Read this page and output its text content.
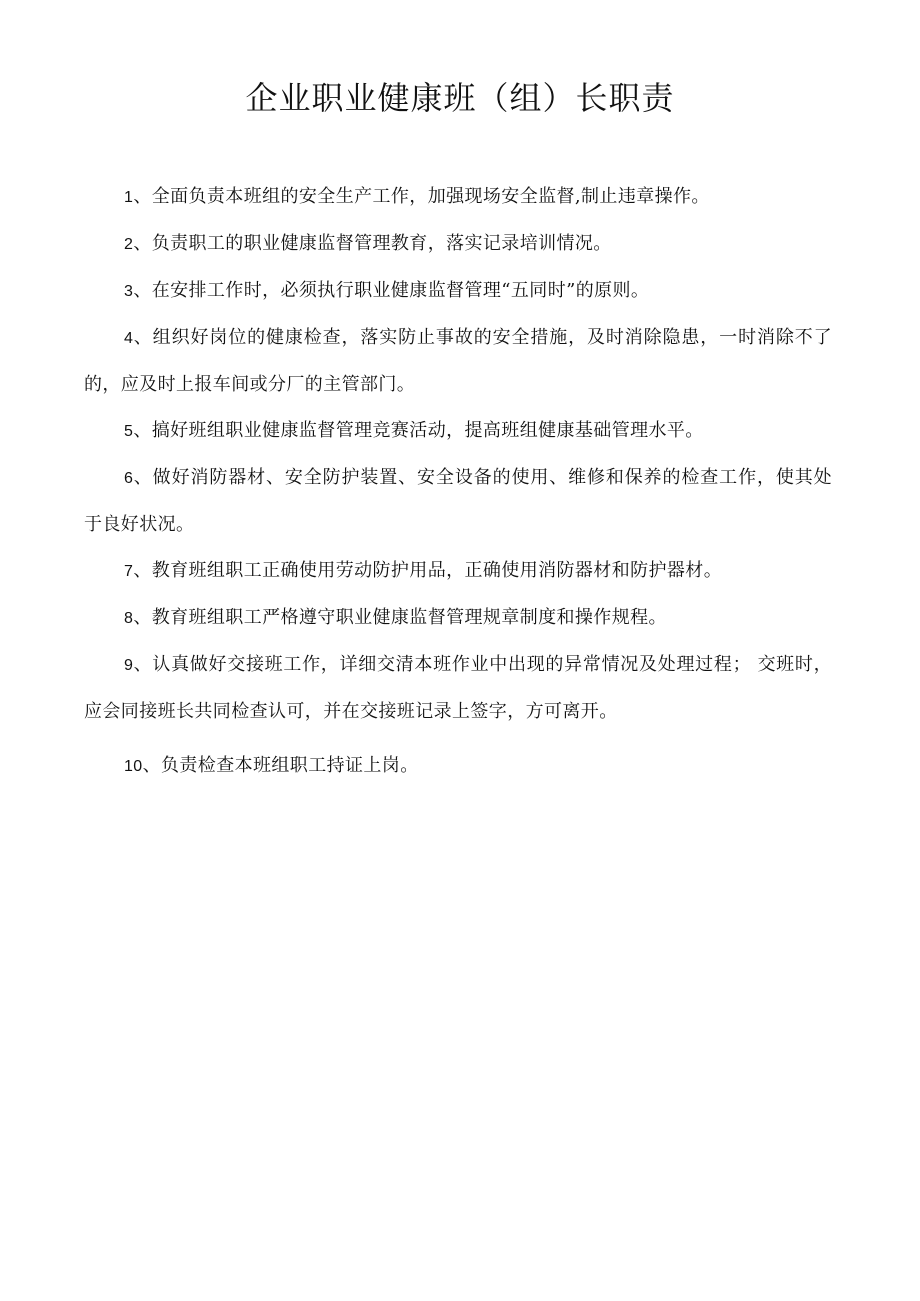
企业职业健康班（组）长职责

1、全面负责本班组的安全生产工作，加强现场安全监督,制止违章操作。

2、负责职工的职业健康监督管理教育，落实记录培训情况。

3、在安排工作时，必须执行职业健康监督管理“五同时”的原则。

4、组织好岗位的健康检查，落实防止事故的安全措施，及时消除隐患，一时消除不了的，应及时上报车间或分厂的主管部门。

5、搞好班组职业健康监督管理竞赛活动，提高班组健康基础管理水平。

6、做好消防器材、安全防护装置、安全设备的使用、维修和保养的检查工作，使其处于良好状况。

7、教育班组职工正确使用劳动防护用品，正确使用消防器材和防护器材。

8、教育班组职工严格遵守职业健康监督管理规章制度和操作规程。

9、认真做好交接班工作，详细交清本班作业中出现的异常情况及处理过程； 交班时，应会同接班长共同检查认可，并在交接班记录上签字，方可离开。

10、负责检查本班组职工持证上岗。
